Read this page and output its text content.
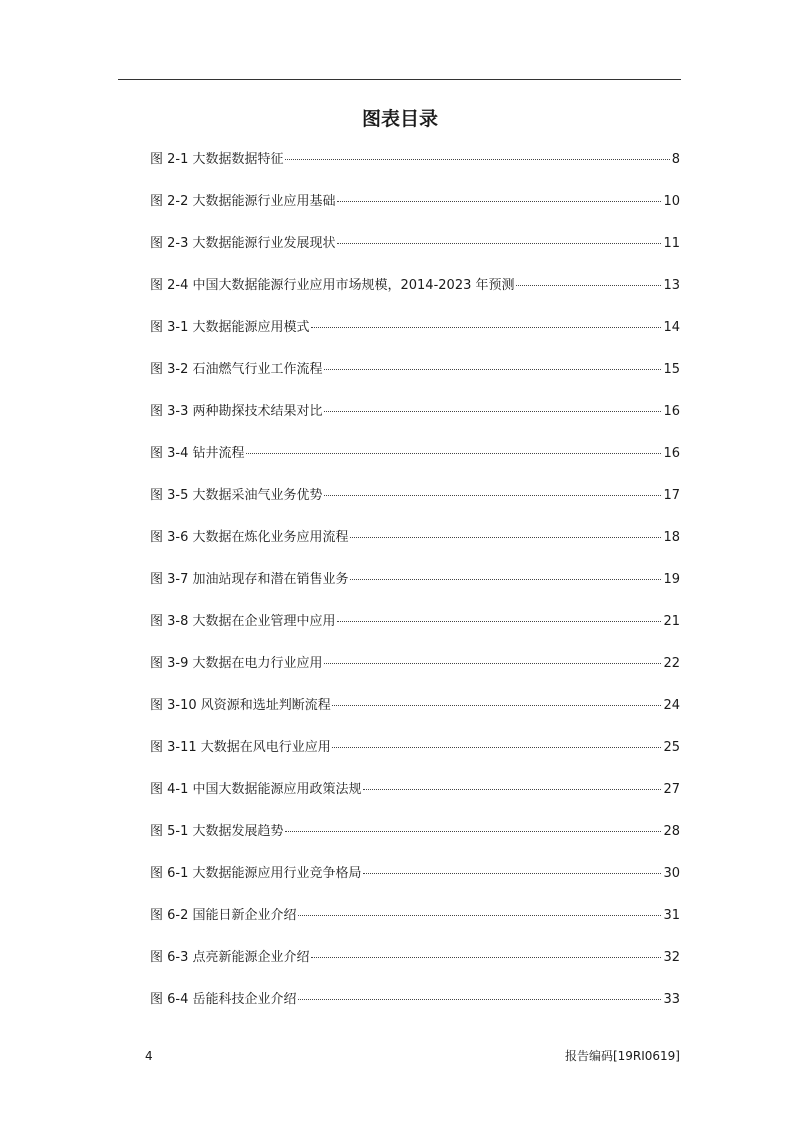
图表目录
图 2-1 大数据数据特征	8
图 2-2 大数据能源行业应用基础	10
图 2-3 大数据能源行业发展现状	11
图 2-4 中国大数据能源行业应用市场规模，2014-2023 年预测	13
图 3-1 大数据能源应用模式	14
图 3-2 石油燃气行业工作流程	15
图 3-3 两种勘探技术结果对比	16
图 3-4 钻井流程	16
图 3-5 大数据采油气业务优势	17
图 3-6 大数据在炼化业务应用流程	18
图 3-7 加油站现存和潜在销售业务	19
图 3-8 大数据在企业管理中应用	21
图 3-9 大数据在电力行业应用	22
图 3-10 风资源和选址判断流程	24
图 3-11 大数据在风电行业应用	25
图 4-1 中国大数据能源应用政策法规	27
图 5-1 大数据发展趋势	28
图 6-1 大数据能源应用行业竞争格局	30
图 6-2 国能日新企业介绍	31
图 6-3 点亮新能源企业介绍	32
图 6-4 岳能科技企业介绍	33
4	报告编码[19RI0619]
